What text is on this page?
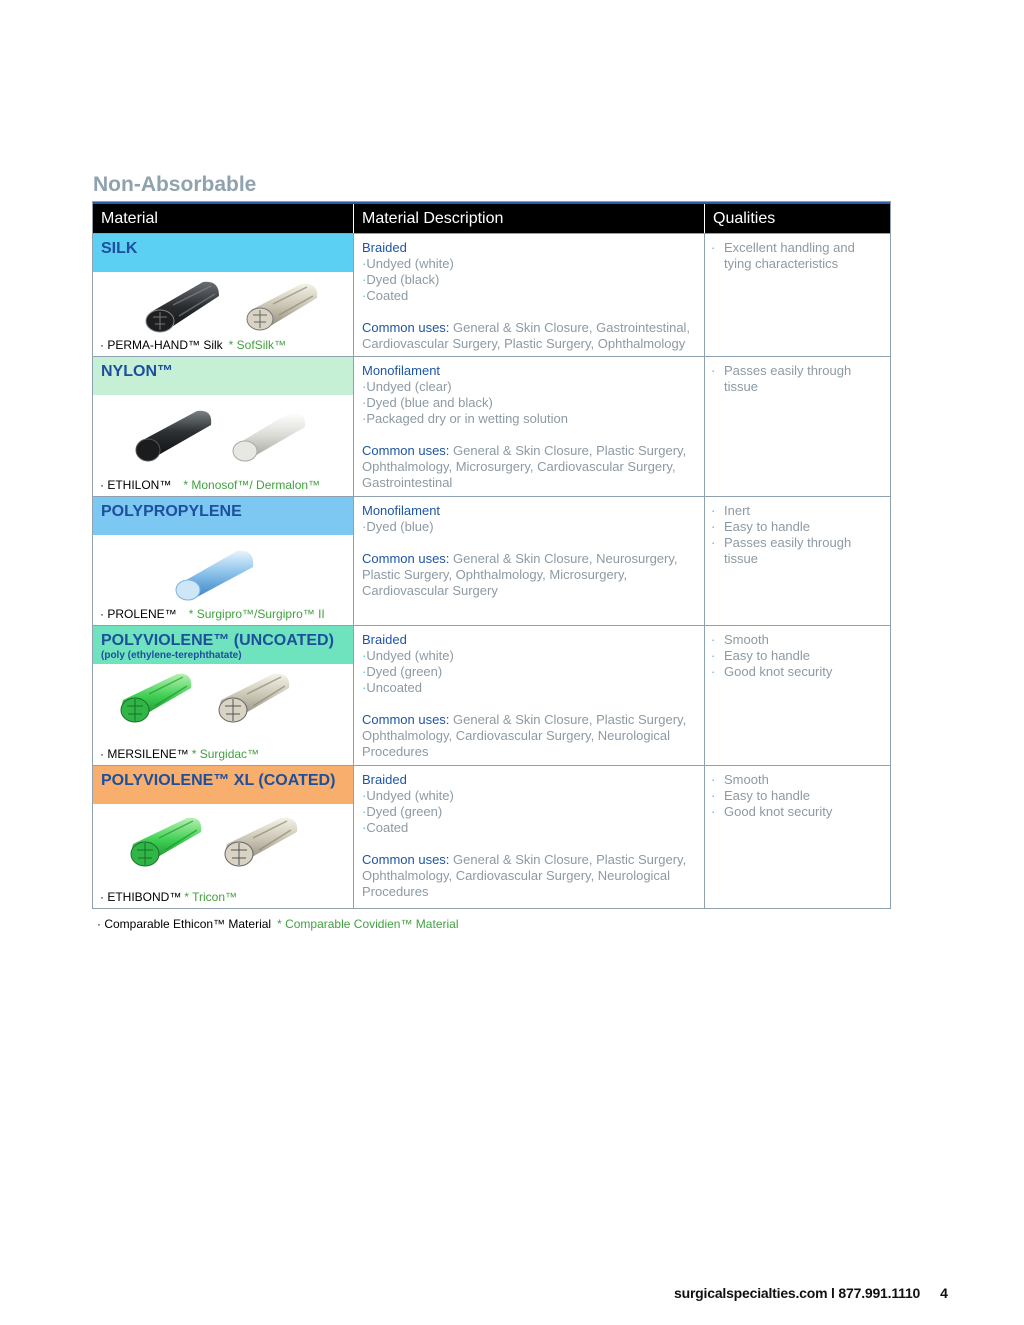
Non-Absorbable
Material	Material Description	Qualities
SILK
· PERMA-HAND™ Silk * SofSilk™
Braided
· Undyed (white)
· Dyed (black)
· Coated
Common uses: General & Skin Closure, Gastrointestinal, Cardiovascular Surgery, Plastic Surgery, Ophthalmology
· Excellent handling and tying characteristics
NYLON™
· ETHILON™ * Monosof™/ Dermalon™
Monofilament
· Undyed (clear)
· Dyed (blue and black)
· Packaged dry or in wetting solution
Common uses: General & Skin Closure, Plastic Surgery, Ophthalmology, Microsurgery, Cardiovascular Surgery, Gastrointestinal
· Passes easily through tissue
POLYPROPYLENE
· PROLENE™ * Surgipro™/Surgipro™ II
Monofilament
· Dyed (blue)
Common uses: General & Skin Closure, Neurosurgery, Plastic Surgery, Ophthalmology, Microsurgery, Cardiovascular Surgery
· Inert
· Easy to handle
· Passes easily through tissue
POLYVIOLENE™ (UNCOATED)
(poly (ethylene-terephthatate)
· MERSILENE™ * Surgidac™
Braided
· Undyed (white)
· Dyed (green)
· Uncoated
Common uses: General & Skin Closure, Plastic Surgery, Ophthalmology, Cardiovascular Surgery, Neurological Procedures
· Smooth
· Easy to handle
· Good knot security
POLYVIOLENE™ XL (COATED)
· ETHIBOND™ * Tricon™
Braided
· Undyed (white)
· Dyed (green)
· Coated
Common uses: General & Skin Closure, Plastic Surgery, Ophthalmology, Cardiovascular Surgery, Neurological Procedures
· Smooth
· Easy to handle
· Good knot security
· Comparable Ethicon™ Material * Comparable Covidien™ Material
surgicalspecialties.com l 877.991.1110 4
